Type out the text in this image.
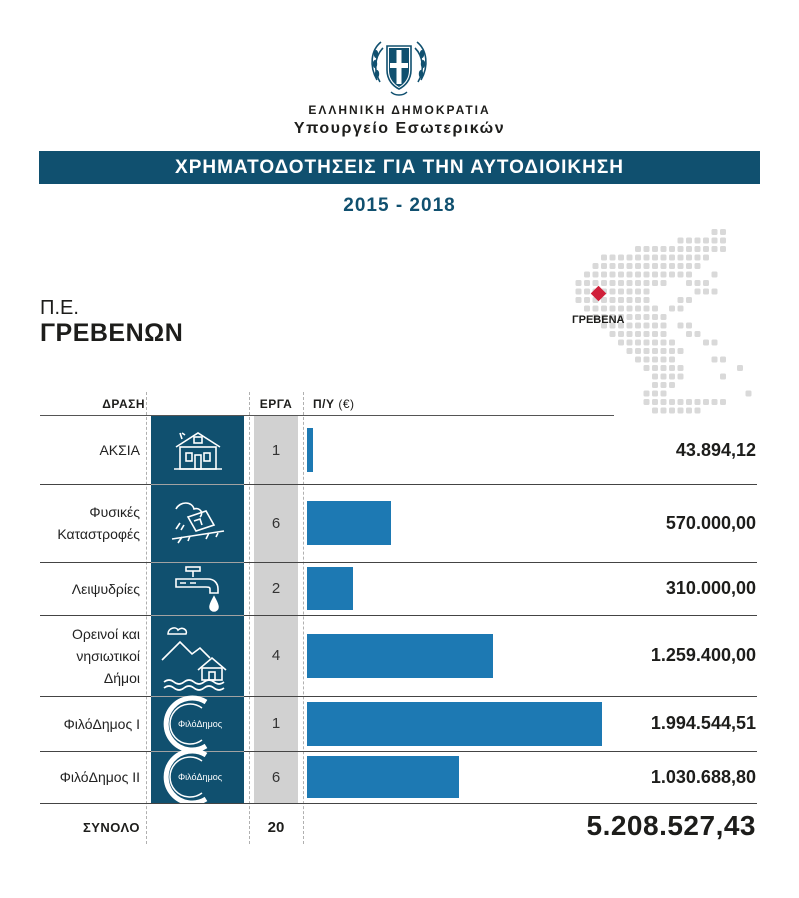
ΕΛΛΗΝΙΚΗ ΔΗΜΟΚΡΑΤΙΑ
Υπουργείο Εσωτερικών
ΧΡΗΜΑΤΟΔΟΤΗΣΕΙΣ ΓΙΑ ΤΗΝ ΑΥΤΟΔΙΟΙΚΗΣΗ
2015 - 2018
Π.Ε.
ΓΡΕΒΕΝΩΝ	ΓΡΕΒΕΝΑ
ΔΡΑΣΗ	ΕΡΓΑ	Π/Υ (€)
ΑΚΣΙΑ	1	43.894,12
Φυσικές
Καταστροφές
6	570.000,00
Λειψυδρίες	2	310.000,00
Ορεινοί και
νησιωτικοί
Δήμοι
4	1.259.400,00
ΦιλόΔημος Ι	ΦιλόΔημος	1	1.994.544,51
ΦιλόΔημος ΙΙ	ΦιλόΔημος	6	1.030.688,80
ΣΥΝΟΛΟ	20	5.208.527,43
